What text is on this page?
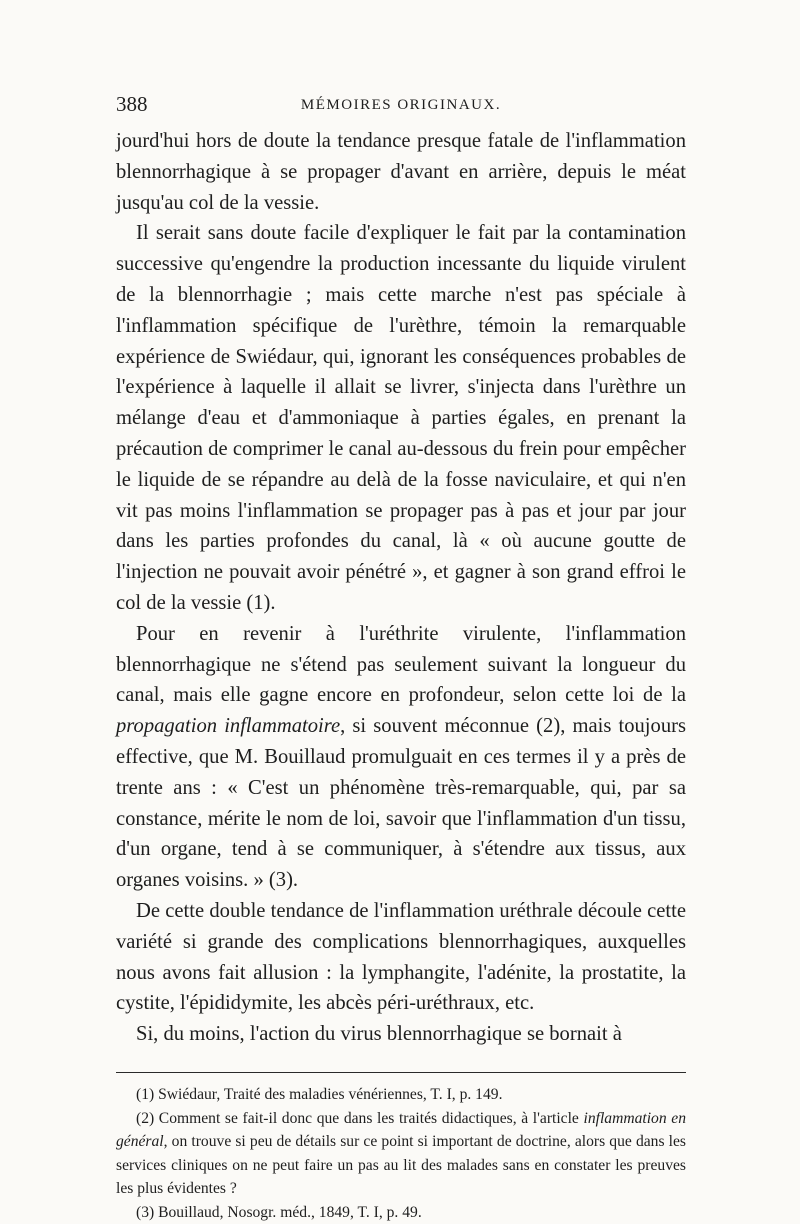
388	MÉMOIRES ORIGINAUX.

jourd'hui hors de doute la tendance presque fatale de l'inflammation blennorrhagique à se propager d'avant en arrière, depuis le méat jusqu'au col de la vessie.

Il serait sans doute facile d'expliquer le fait par la contamination successive qu'engendre la production incessante du liquide virulent de la blennorrhagie ; mais cette marche n'est pas spéciale à l'inflammation spécifique de l'urèthre, témoin la remarquable expérience de Swiédaur, qui, ignorant les conséquences probables de l'expérience à laquelle il allait se livrer, s'injecta dans l'urèthre un mélange d'eau et d'ammoniaque à parties égales, en prenant la précaution de comprimer le canal au-dessous du frein pour empêcher le liquide de se répandre au delà de la fosse naviculaire, et qui n'en vit pas moins l'inflammation se propager pas à pas et jour par jour dans les parties profondes du canal, là « où aucune goutte de l'injection ne pouvait avoir pénétré », et gagner à son grand effroi le col de la vessie (1).

Pour en revenir à l'uréthrite virulente, l'inflammation blennorrhagique ne s'étend pas seulement suivant la longueur du canal, mais elle gagne encore en profondeur, selon cette loi de la propagation inflammatoire, si souvent méconnue (2), mais toujours effective, que M. Bouillaud promulguait en ces termes il y a près de trente ans : « C'est un phénomène très-remarquable, qui, par sa constance, mérite le nom de loi, savoir que l'inflammation d'un tissu, d'un organe, tend à se communiquer, à s'étendre aux tissus, aux organes voisins. » (3).

De cette double tendance de l'inflammation uréthrale découle cette variété si grande des complications blennorrhagiques, auxquelles nous avons fait allusion : la lymphangite, l'adénite, la prostatite, la cystite, l'épididymite, les abcès péri-uréthraux, etc.

Si, du moins, l'action du virus blennorrhagique se bornait à

(1) Swiédaur, Traité des maladies vénériennes, T. I, p. 149.

(2) Comment se fait-il donc que dans les traités didactiques, à l'article inflammation en général, on trouve si peu de détails sur ce point si important de doctrine, alors que dans les services cliniques on ne peut faire un pas au lit des malades sans en constater les preuves les plus évidentes ?

(3) Bouillaud, Nosogr. méd., 1849, T. I, p. 49.
